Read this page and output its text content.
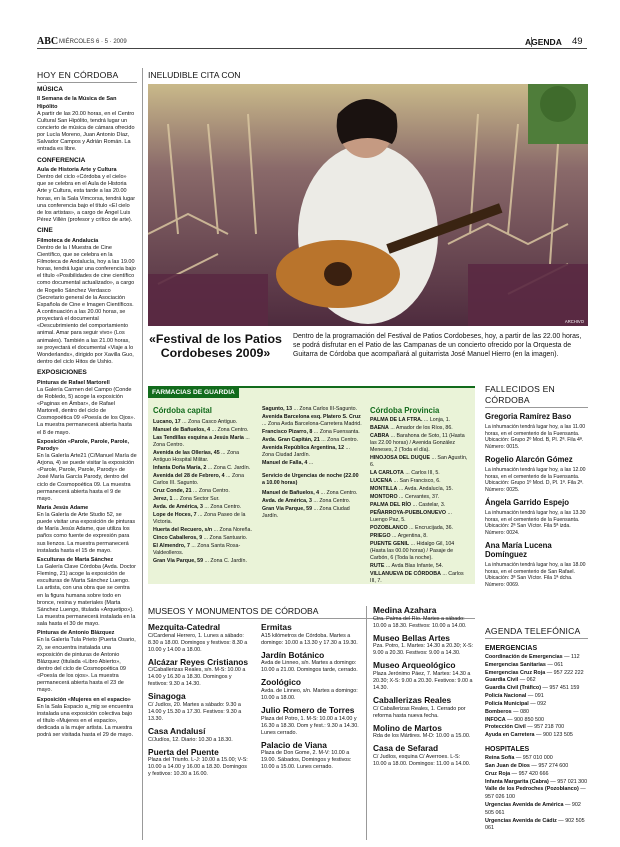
ABC MIÉRCOLES 6 · 5 · 2009	AGENDA 49
HOY EN CÓRDOBA
MÚSICA
II Semana de la Música de San Hipólito
A partir de las 20.00 horas, en el Centro Cultural San Hipólito, tendrá lugar un concierto de música de cámara ofrecido por Lucía Moreno, Juan Antonio Díaz, Salvador Campos y Adrián Román. La entrada es libre.
CONFERENCIA
Aula de Historia Arte y Cultura
Dentro del ciclo «Córdoba y el cielo» que se celebra en el Aula de Historia Arte y Cultura, esta tarde a las 20.00 horas, en la Sala Vimcorsa, tendrá lugar una conferencia bajo el título «El cielo de los artistas», a cargo de Ángel Luis Pérez Villén (profesor y crítico de arte).
CINE
Filmoteca de Andalucía
Dentro de la I Muestra de Cine Científico, que se celebra en la Filmoteca de Andalucía, hoy a las 19.00 horas, tendrá lugar una conferencia bajo el título «Posibilidades de cine científico como documental actualizado», a cargo de Rogelio Sánchez Verdasco (Secretario general de la Asociación Española de Cine e Imagen Científicos. A continuación a las 20.00 horas, se proyectará el documental «Descubrimiento del comportamiento animal. Amar para seguir vivo» (Los animales). También a las 21.00 horas, se proyectará el documental «Viaje a lo Wonderlands», dirigido por Xavilla Guo, dentro del ciclo Hitos de Ushio.
EXPOSICIONES
Pinturas de Rafael Martorell
La Galería Carmen del Campo (Conde de Robledo, 5) acoge la exposición «Paginas en Ámbar», de Rafael Martorell, dentro del ciclo de Cosmopoética 09 «Poesía de los Ojos». La muestra permanecerá abierta hasta el 8 de mayo.
Exposición «Parole, Parole, Parole, Parody»
En la Galería Arte21 (C/Manuel María de Arjona, 4) se puede visitar la exposición «Parole, Parole, Parole, Parody» de José María García Parody, dentro del ciclo de Cosmopoética 09. La muestra permanecerá abierta hasta el 9 de mayo.
María Jesús Adame
En la Galería de Arte Studio 52, se puede visitar una exposición de pinturas de María Jesús Adame, que utiliza los paños como fuente de expresión para sus lienzos. La muestra permanecerá instalada hasta el 15 de mayo.
Esculturas de Marta Sánchez
La Galería Clave Córdoba (Avda. Doctor Fleming, 21) acoge la exposición de esculturas de Marta Sánchez Luengo. La artista, con una obra que se centra en la figura humana sobre todo en bronce, resina y materiales (Marta Sánchez Luengo, titulada «Arquetipo»). La muestra permanecerá instalada en la sala hasta el 30 de mayo.
Pinturas de Antonio Blázquez
En la Galería Tula Prieto (Puerta Osario, 2), se encuentra instalada una exposición de pinturas de Antonio Blázquez (titulada «Libro Abierto», dentro del ciclo de Cosmopoética 09 «Poesía de los ojos». La muestra permanecerá abierta hasta el 23 de mayo.
Exposición «Mujeres en el espacio»
En la Sala Espacio a_mig se encuentra instalada una exposición colectiva bajo el título «Mujeres en el espacio», dedicada a la mujer artista. La muestra podrá ser visitada hasta el 29 de mayo.
INELUDIBLE CITA CON
ARCHIVO
«Festival de los Patios Cordobeses 2009»
Dentro de la programación del Festival de Patios Cordobeses, hoy, a partir de las 22.00 horas, se podrá disfrutar en el Patio de las Campanas de un concierto ofrecido por la Orquesta de Guitarra de Córdoba que acompañará al guitarrista José Manuel Hierro (en la imagen).
FARMACIAS DE GUARDIA
Córdoba capital
Lucano, 17 ... Zona Casco Antiguo.
Manuel de Bañuelos, 4 ... Zona Centro.
Las Tendillas esquina a Jesús María ... Zona Centro.
Avenida de las Ollerías, 45 ... Zona Antiguo Hospital Militar.
Infanta Doña María, 2 ... Zona C. Jardín.
Avenida del 28 de Febrero, 4 ... Zona Carlos III. Sagunto.
Cruz Conde, 21 ... Zona Centro.
Jerez, 1 ... Zona Sector Sur.
Avda. de América, 3 ... Zona Centro.
Lope de Hoces, 7 ... Zona Paseo de la Victoria.
Huerta del Recuero, s/n ... Zona Noreña.
Cinco Caballeros, 9 ... Zona Santuario.
El Almendro, 7 ... Zona Santa Rosa-Valdeolleros.
Gran Vía Parque, 59 ... Zona C. Jardín.
Sagunto, 13 ... Zona Carlos III-Sagunto.
Avenida Barcelona esq. Platero S. Cruz ... Zona Avda Barcelona-Carretera Madrid.
Francisco Pizarro, 8 ... Zona Fuensanta.
Avda. Gran Capitán, 21 ... Zona Centro.
Avenida República Argentina, 12 ... Zona Ciudad Jardín.
Manuel de Falla, 4 ...
Servicio de Urgencias de noche (22.00 a 10.00 horas)
Manuel de Bañuelos, 4 ... Zona Centro.
Avda. de América, 3 ... Zona Centro.
Gran Vía Parque, 59 ... Zona Ciudad Jardín.
Córdoba Provincia
PALMA DE LA FTRA. ... Lonja, 1.
BAENA ... Amador de los Ríos, 86.
CABRA ... Barahona de Soto, 11 (Hasta las 22.00 horas) / Avenida González Meneses, 2 (Toda el día).
HINOJOSA DEL DUQUE ... San Agustín, 6.
LA CARLOTA ... Carlos III, 5.
LUCENA ... San Francisco, 6.
MONTILLA ... Avda. Andalucía, 15.
MONTORO ... Cervantes, 37.
PALMA DEL RÍO ... Castelar, 3.
PEÑARROYA-PUEBLONUEVO ... Luengo Paz, 5.
POZOBLANCO ... Encrucijada, 36.
PRIEGO ... Argentina, 8.
PUENTE GENIL ... Hidalgo Gil, 104 (Hasta las 00.00 horas) / Pasaje de Carbón, 6 (Toda la noche).
RUTE ... Avda Blas Infante, 54.
VILLANUEVA DE CÓRDOBA ... Carlos III, 7.
FALLECIDOS EN CÓRDOBA
Gregoria Ramírez Baso
La inhumación tendrá lugar hoy, a las 11.00 horas, en el cementerio de la Fuensanta. Ubicación: Grupo 2º Mod. B, Pl. 2ª. Fila 4ª. Número: 0015.
Rogelio Alarcón Gómez
La inhumación tendrá lugar hoy, a las 12.00 horas, en el cementerio de la Fuensanta. Ubicación: Grupo 1º Mod. D, Pl. 1ª. Fila 2ª. Número: 0025.
Ángela Garrido Espejo
La inhumación tendrá lugar hoy, a las 13.30 horas, en el cementerio de la Fuensanta. Ubicación: 2ª San Víctor. Fila 5ª izda. Número: 0024.
Ana María Lucena Domínguez
La inhumación tendrá lugar hoy, a las 18.00 horas, en el cementerio de San Rafael. Ubicación: 3ª San Víctor. Fila 1ª dcha. Número: 0069.
MUSEOS Y MONUMENTOS DE CÓRDOBA
Mezquita-Catedral
C/Cardenal Herrero, 1. Lunes a sábado: 8.30 a 18.00. Domingos y festivos: 8.30 a 10.00 y 14.00 a 18.00.
Alcázar Reyes Cristianos
C/Caballerizas Reales, s/n. M-S: 10.00 a 14.00 y 16.30 a 18.30. Domingos y festivos: 9.30 a 14.30.
Sinagoga
C/ Judíos, 20. Martes a sábado: 9.30 a 14.00 y 15.30 a 17.30. Festivos: 9.30 a 13.30.
Casa Andalusí
C/Judíos, 12. Diario: 10.30 a 18.30.
Puerta del Puente
Plaza del Triunfo. L-J: 10.00 a 15.00; V-S: 10.00 a 14.00 y 16.00 a 18.30. Domingos y festivos: 10.30 a 16.00.
Ermitas
A15 kilómetros de Córdoba. Martes a domingo: 10.00 a 13.30 y 17.30 a 19.30.
Jardín Botánico
Avda de Linneo, s/n. Martes a domingo: 10.00 a 21.00. Domingos tarde, cerrado.
Zoológico
Avda. de Linneo, s/n. Martes a domingo: 10.00 a 18.00.
Julio Romero de Torres
Plaza del Potro, 1. M-S: 10.00 a 14.00 y 16.30 a 18.30. Dom y fest.: 9.30 a 14.30. Lunes cerrado.
Palacio de Viana
Plaza de Don Gome, 2. M-V: 10.00 a 19.00. Sábados, Domingos y festivos: 10.00 a 15.00. Lunes cerrado.
Medina Azahara
Ctra. Palma del Río. Martes a sábado: 10.00 a 18.30. Festivos: 10.00 a 14.00.
Museo Bellas Artes
Pza. Potro, 1. Martes: 14.30 a 20.30; X-S: 9.00 a 20.30. Festivos: 9.00 a 14.30.
Museo Arqueológico
Plaza Jerónimo Páez, 7. Martes: 14.30 a 20.30; X-S: 9.00 a 20.30. Festivos: 9.00 a 14.30.
Caballerizas Reales
C/ Caballerizas Reales, 1. Cerrado por reforma hasta nueva fecha.
Molino de Martos
Rda de los Mártires. M-D: 10.00 a 15.00.
Casa de Sefarad
C/ Judíos, esquina C/ Averroes. L-S: 10.00 a 18.00. Domingos: 11.00 a 14.00.
AGENDA TELEFÓNICA
EMERGENCIAS
Coordinación de Emergencias — 112
Emergencias Sanitarias — 061
Emergencias Cruz Roja — 957 222 222
Guardia Civil — 062
Guardia Civil (Tráfico) — 957 451 159
Policía Nacional — 091
Policía Municipal — 092
Bomberos — 080
INFOCA — 900 850 500
Protección Civil — 957 218 700
Ayuda en Carretera — 900 123 505
HOSPITALES
Reina Sofía — 957 010 000
San Juan de Dios — 957 274 600
Cruz Roja — 957 420 666
Infanta Margarita (Cabra) — 957 021 300
Valle de los Pedroches (Pozoblanco) — 957 026 100
Urgencias Avenida de América — 902 505 061
Urgencias Avenida de Cádiz — 902 505 061
